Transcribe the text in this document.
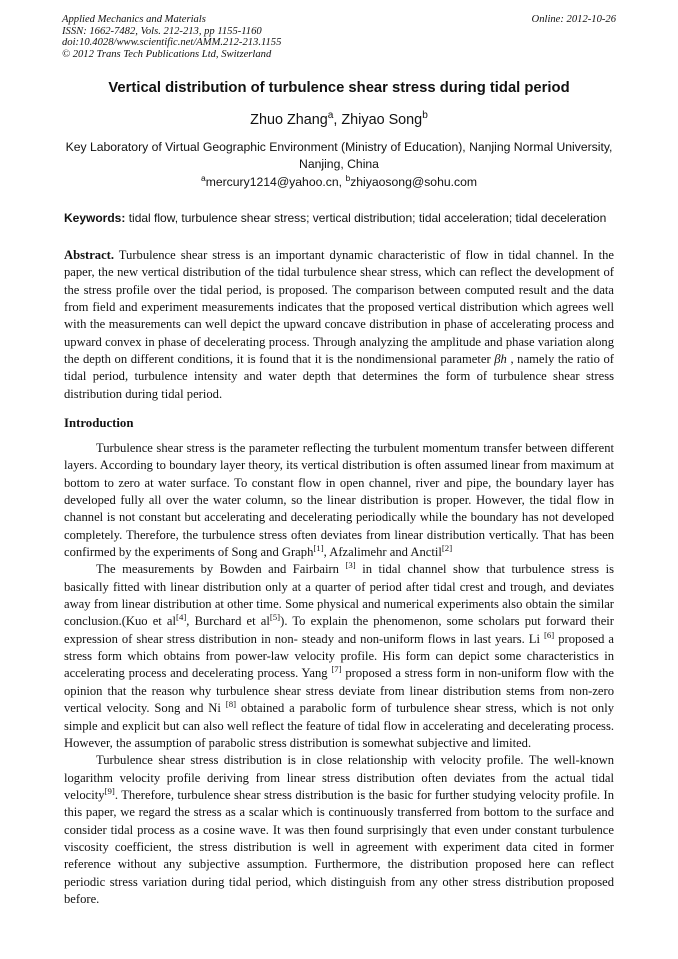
Applied Mechanics and Materials
ISSN: 1662-7482, Vols. 212-213, pp 1155-1160
doi:10.4028/www.scientific.net/AMM.212-213.1155
© 2012 Trans Tech Publications Ltd, Switzerland
Online: 2012-10-26
Vertical distribution of turbulence shear stress during tidal period
Zhuo Zhang$^a$, Zhiyao Song$^b$
Key Laboratory of Virtual Geographic Environment (Ministry of Education), Nanjing Normal University, Nanjing, China
$^a$mercury1214@yahoo.cn, $^b$zhiyaosong@sohu.com
Keywords: tidal flow, turbulence shear stress; vertical distribution; tidal acceleration; tidal deceleration

Abstract. Turbulence shear stress is an important dynamic characteristic of flow in tidal channel. In the paper, the new vertical distribution of the tidal turbulence shear stress, which can reflect the development of the stress profile over the tidal period, is proposed. The comparison between computed result and the data from field and experiment measurements indicates that the proposed vertical distribution which agrees well with the measurements can well depict the upward concave distribution in phase of accelerating process and upward convex in phase of decelerating process. Through analyzing the amplitude and phase variation along the depth on different conditions, it is found that it is the nondimensional parameter βh , namely the ratio of tidal period, turbulence intensity and water depth that determines the form of turbulence shear stress distribution during tidal period.

Introduction

Turbulence shear stress is the parameter reflecting the turbulent momentum transfer between different layers. According to boundary layer theory, its vertical distribution is often assumed linear from maximum at bottom to zero at water surface. To constant flow in open channel, river and pipe, the boundary layer has developed fully all over the water column, so the linear distribution is proper. However, the tidal flow in channel is not constant but accelerating and decelerating periodically while the boundary has not developed completely. Therefore, the turbulence stress often deviates from linear distribution vertically. That has been confirmed by the experiments of Song and Graph[1], Afzalimehr and Anctil[2]

The measurements by Bowden and Fairbairn [3] in tidal channel show that turbulence stress is basically fitted with linear distribution only at a quarter of period after tidal crest and trough, and deviates away from linear distribution at other time. Some physical and numerical experiments also obtain the similar conclusion.(Kuo et al[4], Burchard et al[5]). To explain the phenomenon, some scholars put forward their expression of shear stress distribution in non- steady and non-uniform flows in last years. Li [6] proposed a stress form which obtains from power-law velocity profile. His form can depict some characteristics in accelerating process and decelerating process. Yang [7] proposed a stress form in non-uniform flow with the opinion that the reason why turbulence shear stress deviate from linear distribution stems from non-zero vertical velocity. Song and Ni [8] obtained a parabolic form of turbulence shear stress, which is not only simple and explicit but can also well reflect the feature of tidal flow in accelerating and decelerating process. However, the assumption of parabolic stress distribution is somewhat subjective and limited.

Turbulence shear stress distribution is in close relationship with velocity profile. The well-known logarithm velocity profile deriving from linear stress distribution often deviates from the actual tidal velocity[9]. Therefore, turbulence shear stress distribution is the basic for further studying velocity profile. In this paper, we regard the stress as a scalar which is continuously transferred from bottom to the surface and consider tidal process as a cosine wave. It was then found surprisingly that even under constant turbulence viscosity coefficient, the stress distribution is well in agreement with experiment data cited in former reference without any subjective assumption. Furthermore, the distribution proposed here can reflect periodic stress variation during tidal period, which distinguish from any other stress distribution proposed before.
